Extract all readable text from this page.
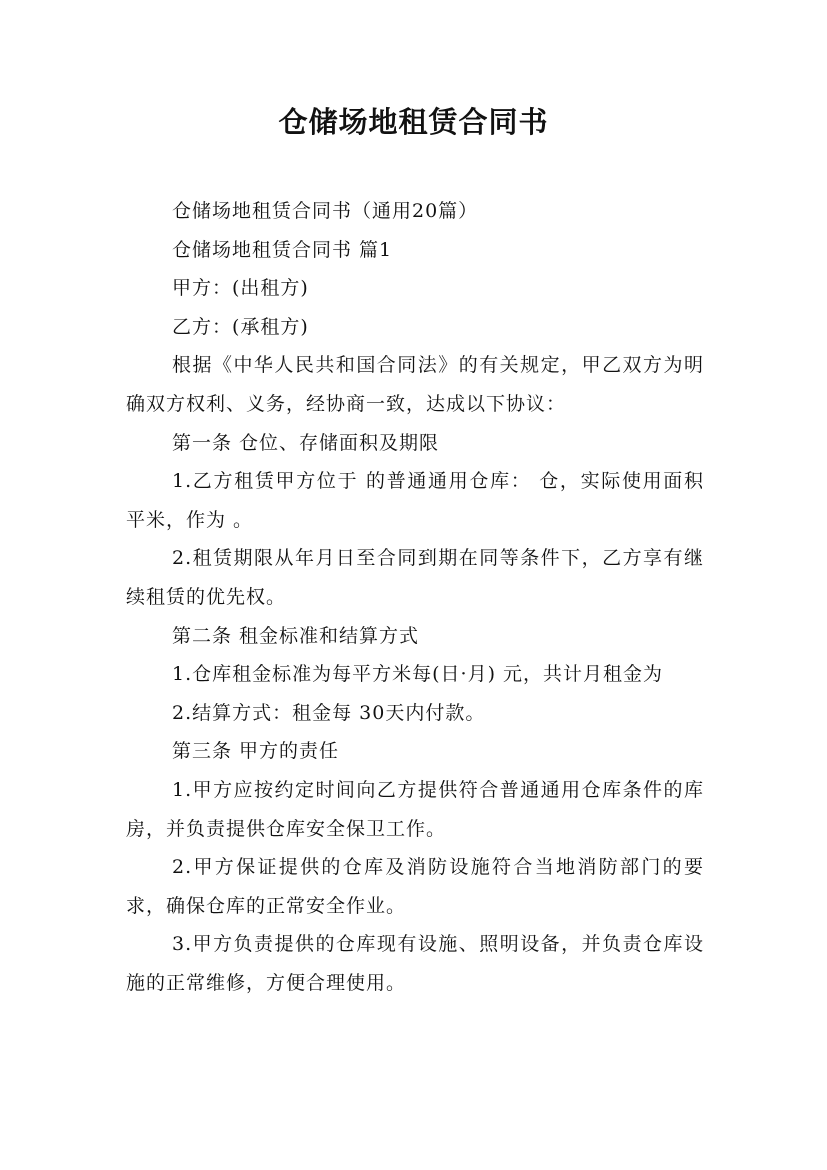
仓储场地租赁合同书

仓储场地租赁合同书（通用20篇）

仓储场地租赁合同书 篇1

甲方：(出租方)

乙方：(承租方)

根据《中华人民共和国合同法》的有关规定，甲乙双方为明确双方权利、义务，经协商一致，达成以下协议：

第一条 仓位、存储面积及期限

1.乙方租赁甲方位于 的普通通用仓库： 仓，实际使用面积 平米，作为 。

2.租赁期限从年月日至合同到期在同等条件下，乙方享有继续租赁的优先权。

第二条 租金标准和结算方式

1.仓库租金标准为每平方米每(日·月) 元，共计月租金为

2.结算方式：租金每 30天内付款。

第三条 甲方的责任

1.甲方应按约定时间向乙方提供符合普通通用仓库条件的库房，并负责提供仓库安全保卫工作。

2.甲方保证提供的仓库及消防设施符合当地消防部门的要求，确保仓库的正常安全作业。

3.甲方负责提供的仓库现有设施、照明设备，并负责仓库设施的正常维修，方便合理使用。
